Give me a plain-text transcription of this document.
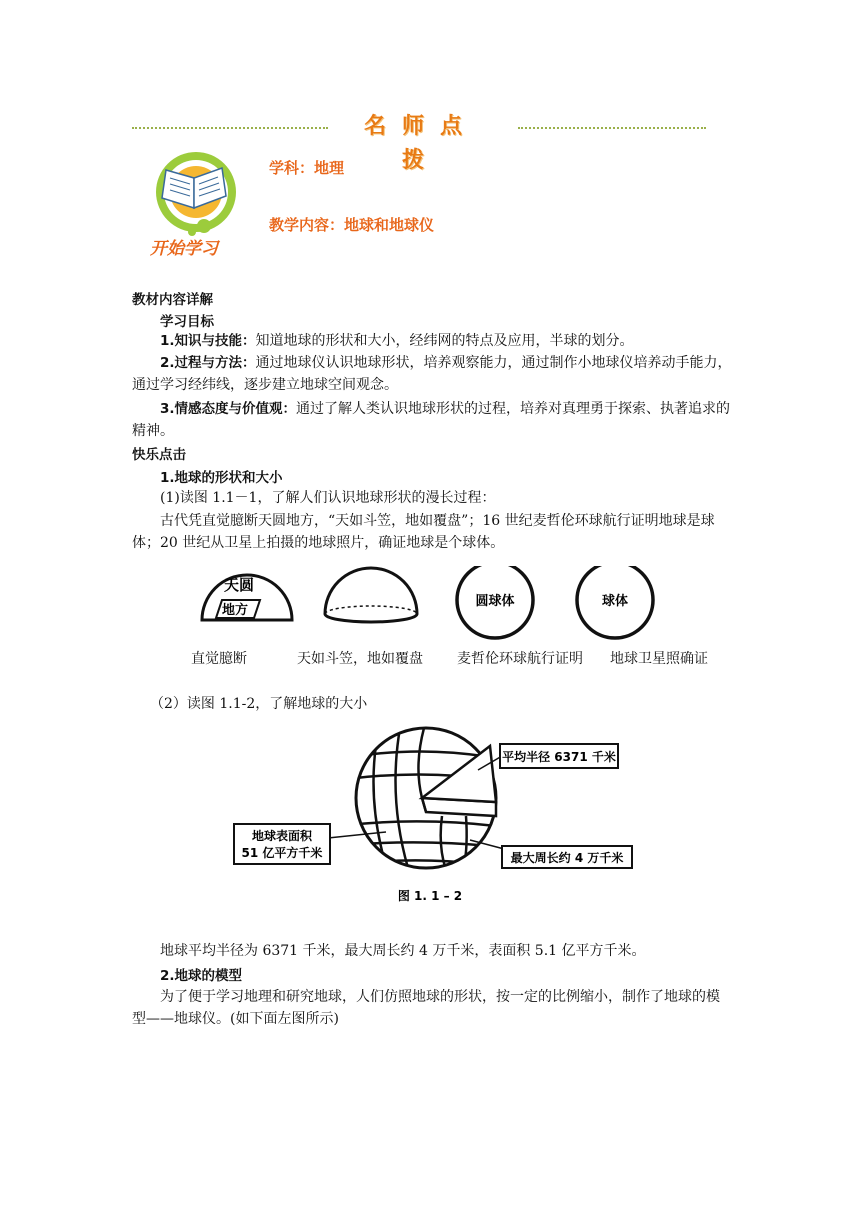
名师点拨
开始学习
学科：地理
教学内容：地球和地球仪
教材内容详解
学习目标
1.知识与技能：知道地球的形状和大小，经纬网的特点及应用，半球的划分。
2.过程与方法：通过地球仪认识地球形状，培养观察能力，通过制作小地球仪培养动手能力，通过学习经纬线，逐步建立地球空间观念。
3.情感态度与价值观：通过了解人类认识地球形状的过程，培养对真理勇于探索、执著追求的精神。
快乐点击
1.地球的形状和大小
(1)读图 1.1－1，了解人们认识地球形状的漫长过程：
古代凭直觉臆断天圆地方，“天如斗笠，地如覆盘”；16 世纪麦哲伦环球航行证明地球是球体；20 世纪从卫星上拍摄的地球照片，确证地球是个球体。
天圆
地方
圆球体	球体
直觉臆断	天如斗笠，地如覆盘 麦哲伦环球航行证明 地球卫星照确证
（2）读图 1.1-2，了解地球的大小
平均半径 6371 千米
地球表面积
51 亿平方千米	最大周长约 4 万千米
图 1. 1 – 2
地球平均半径为 6371 千米，最大周长约 4 万千米，表面积 5.1 亿平方千米。
2.地球的模型
为了便于学习地理和研究地球，人们仿照地球的形状，按一定的比例缩小，制作了地球的模型——地球仪。(如下面左图所示)
